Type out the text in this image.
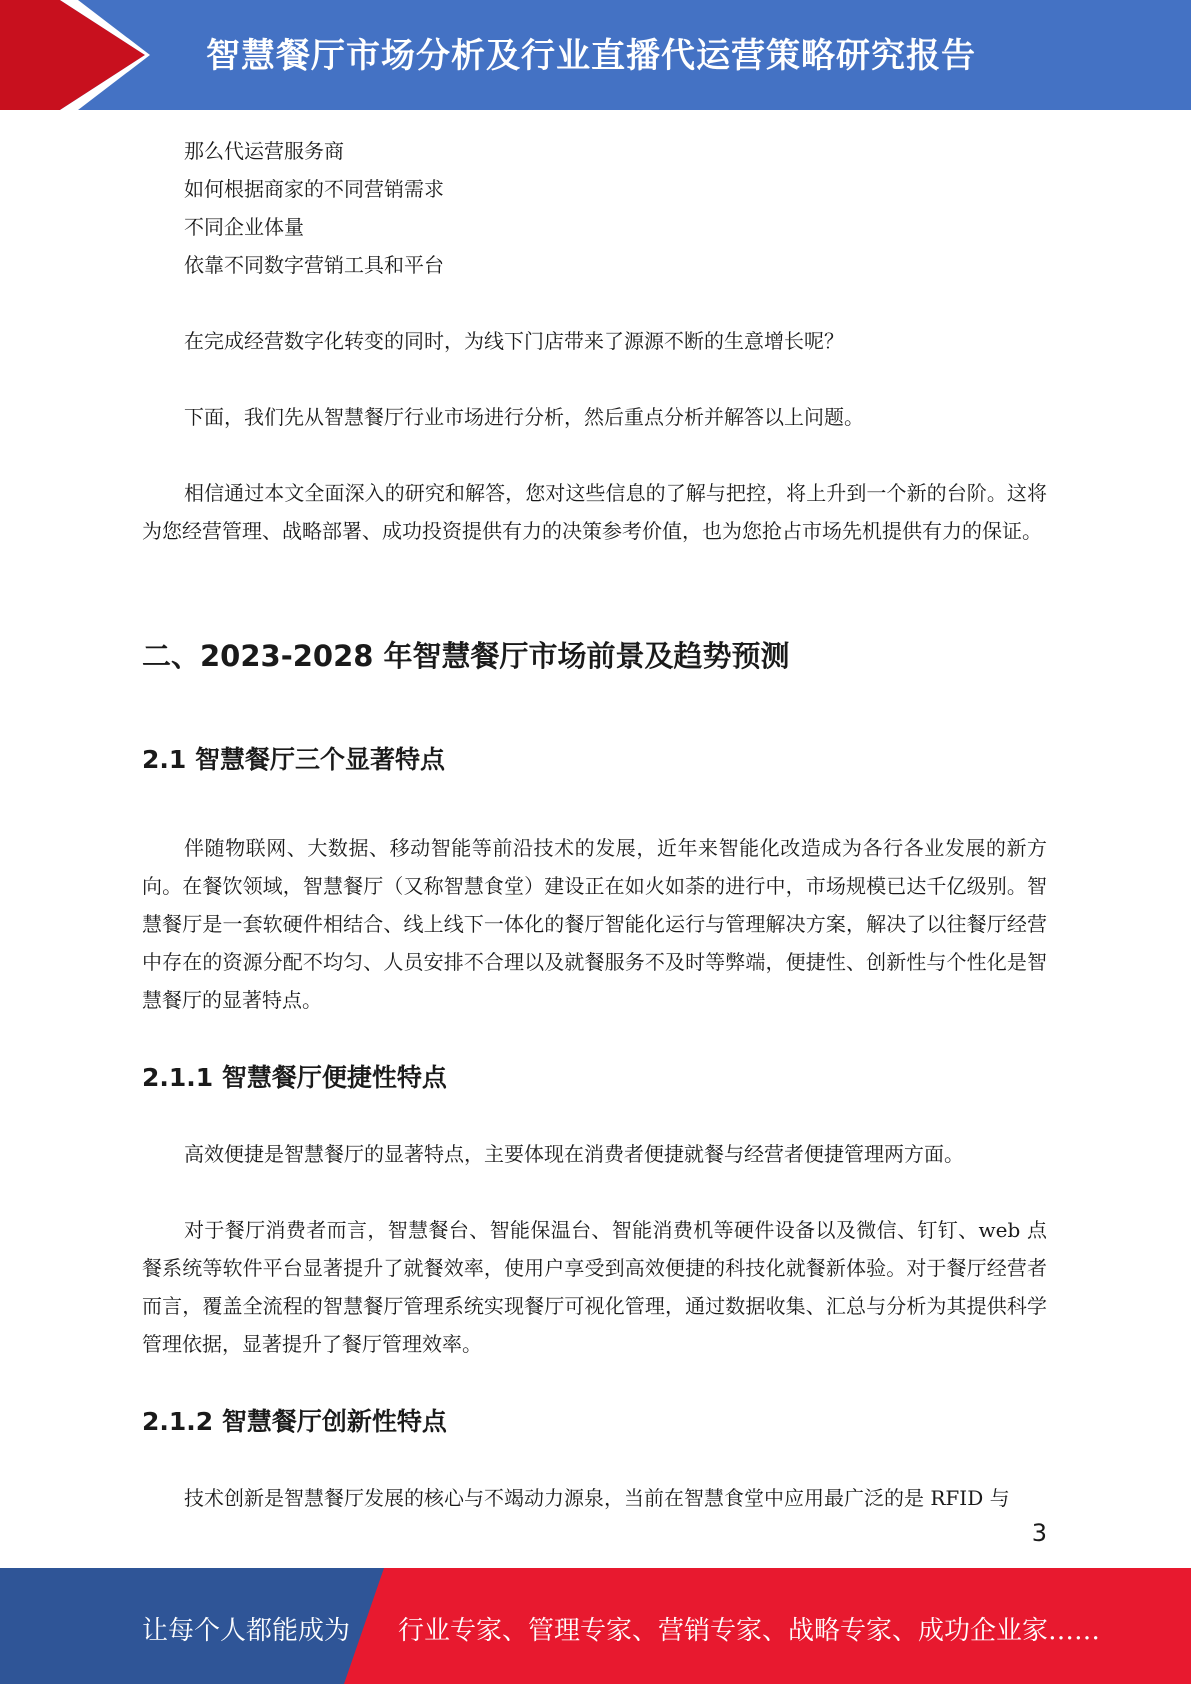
智慧餐厅市场分析及行业直播代运营策略研究报告

那么代运营服务商

如何根据商家的不同营销需求

不同企业体量

依靠不同数字营销工具和平台

在完成经营数字化转变的同时，为线下门店带来了源源不断的生意增长呢？

下面，我们先从智慧餐厅行业市场进行分析，然后重点分析并解答以上问题。

相信通过本文全面深入的研究和解答，您对这些信息的了解与把控，将上升到一个新的台阶。这将为您经营管理、战略部署、成功投资提供有力的决策参考价值，也为您抢占市场先机提供有力的保证。

二、2023-2028 年智慧餐厅市场前景及趋势预测
2.1 智慧餐厅三个显著特点

伴随物联网、大数据、移动智能等前沿技术的发展，近年来智能化改造成为各行各业发展的新方向。在餐饮领域，智慧餐厅（又称智慧食堂）建设正在如火如荼的进行中，市场规模已达千亿级别。智慧餐厅是一套软硬件相结合、线上线下一体化的餐厅智能化运行与管理解决方案，解决了以往餐厅经营中存在的资源分配不均匀、人员安排不合理以及就餐服务不及时等弊端，便捷性、创新性与个性化是智慧餐厅的显著特点。

2.1.1 智慧餐厅便捷性特点

高效便捷是智慧餐厅的显著特点，主要体现在消费者便捷就餐与经营者便捷管理两方面。

对于餐厅消费者而言，智慧餐台、智能保温台、智能消费机等硬件设备以及微信、钉钉、web 点餐系统等软件平台显著提升了就餐效率，使用户享受到高效便捷的科技化就餐新体验。对于餐厅经营者而言，覆盖全流程的智慧餐厅管理系统实现餐厅可视化管理，通过数据收集、汇总与分析为其提供科学管理依据，显著提升了餐厅管理效率。

2.1.2 智慧餐厅创新性特点

技术创新是智慧餐厅发展的核心与不竭动力源泉，当前在智慧食堂中应用最广泛的是 RFID 与

3
让每个人都能成为 行业专家、管理专家、营销专家、战略专家、成功企业家……
